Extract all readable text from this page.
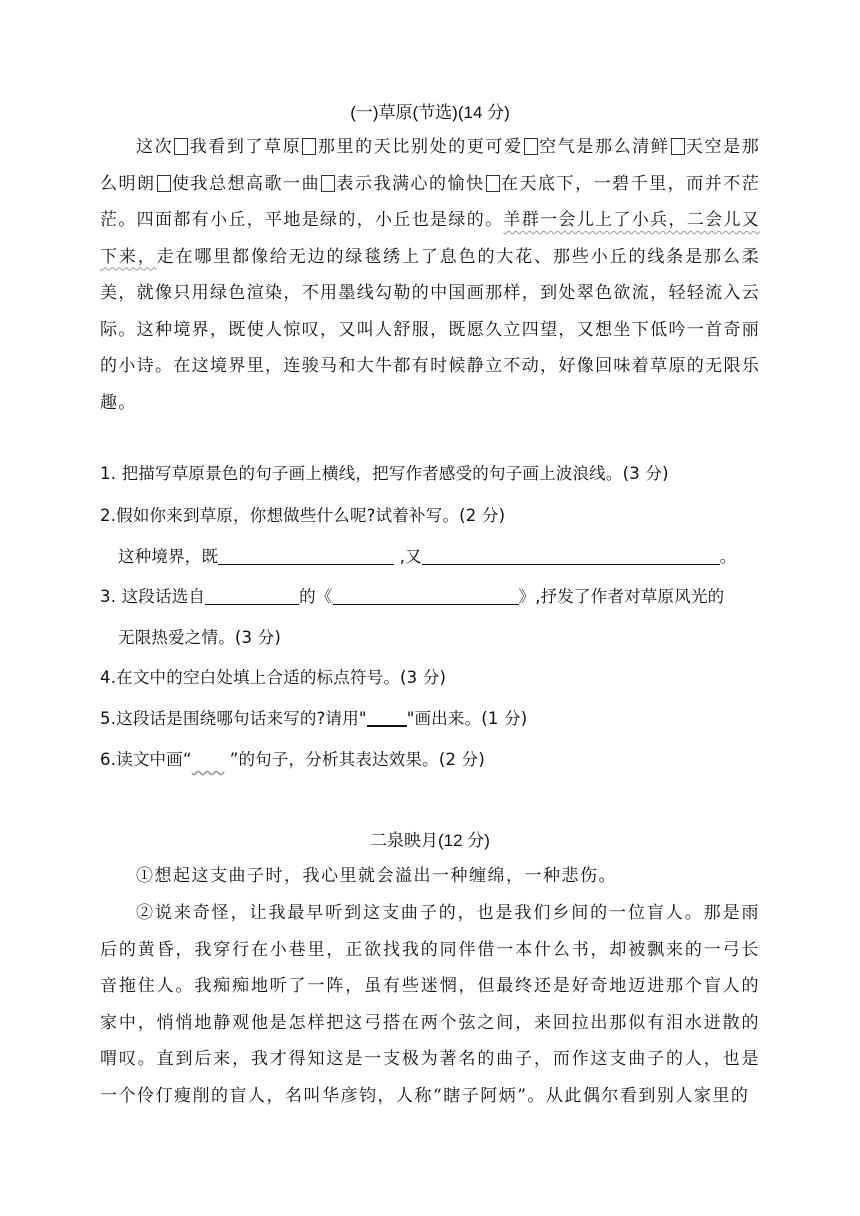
(一)草原(节选)(14 分)
这次 我看到了草原 那里的天比别处的更可爱 空气是那么清鲜 天空是那么明朗 使我总想高歌一曲 表示我满心的愉快 在天底下，一碧千里，而并不茫茫。四面都有小丘，平地是绿的，小丘也是绿的。羊群一会儿上了小兵，二会儿又下来，走在哪里都像给无边的绿毯绣上了息色的大花、那些小丘的线条是那么柔美，就像只用绿色渲染，不用墨线勾勒的中国画那样，到处翠色欲流，轻轻流入云际。这种境界，既使人惊叹，又叫人舒服，既愿久立四望，又想坐下低吟一首奇丽的小诗。在这境界里，连骏马和大牛都有时候静立不动，好像回味着草原的无限乐趣。
1. 把描写草原景色的句子画上横线，把写作者感受的句子画上波浪线。(3 分)
2.假如你来到草原，你想做些什么呢?试着补写。(2 分)
这种境界，既	,又	。
3. 这段话选自	的《	》,抒发了作者对草原风光的
无限热爱之情。(3 分)
4.在文中的空白处填上合适的标点符号。(3 分)
5.这段话是围绕哪句话来写的?请用" "画出来。(1 分)
6.读文中画“ ”的句子，分析其表达效果。(2 分)
二泉映月(12 分)
①想起这支曲子时，我心里就会溢出一种缠绵，一种悲伤。
②说来奇怪，让我最早听到这支曲子的，也是我们乡间的一位盲人。那是雨后的黄昏，我穿行在小巷里，正欲找我的同伴借一本什么书，却被飘来的一弓长音拖住人。我痴痴地听了一阵，虽有些迷惘，但最终还是好奇地迈进那个盲人的家中，悄悄地静观他是怎样把这弓搭在两个弦之间，来回拉出那似有泪水迸散的喟叹。直到后来，我才得知这是一支极为著名的曲子，而作这支曲子的人，也是一个伶仃瘦削的盲人，名叫华彦钧，人称“瞎子阿炳”。从此偶尔看到别人家里的
